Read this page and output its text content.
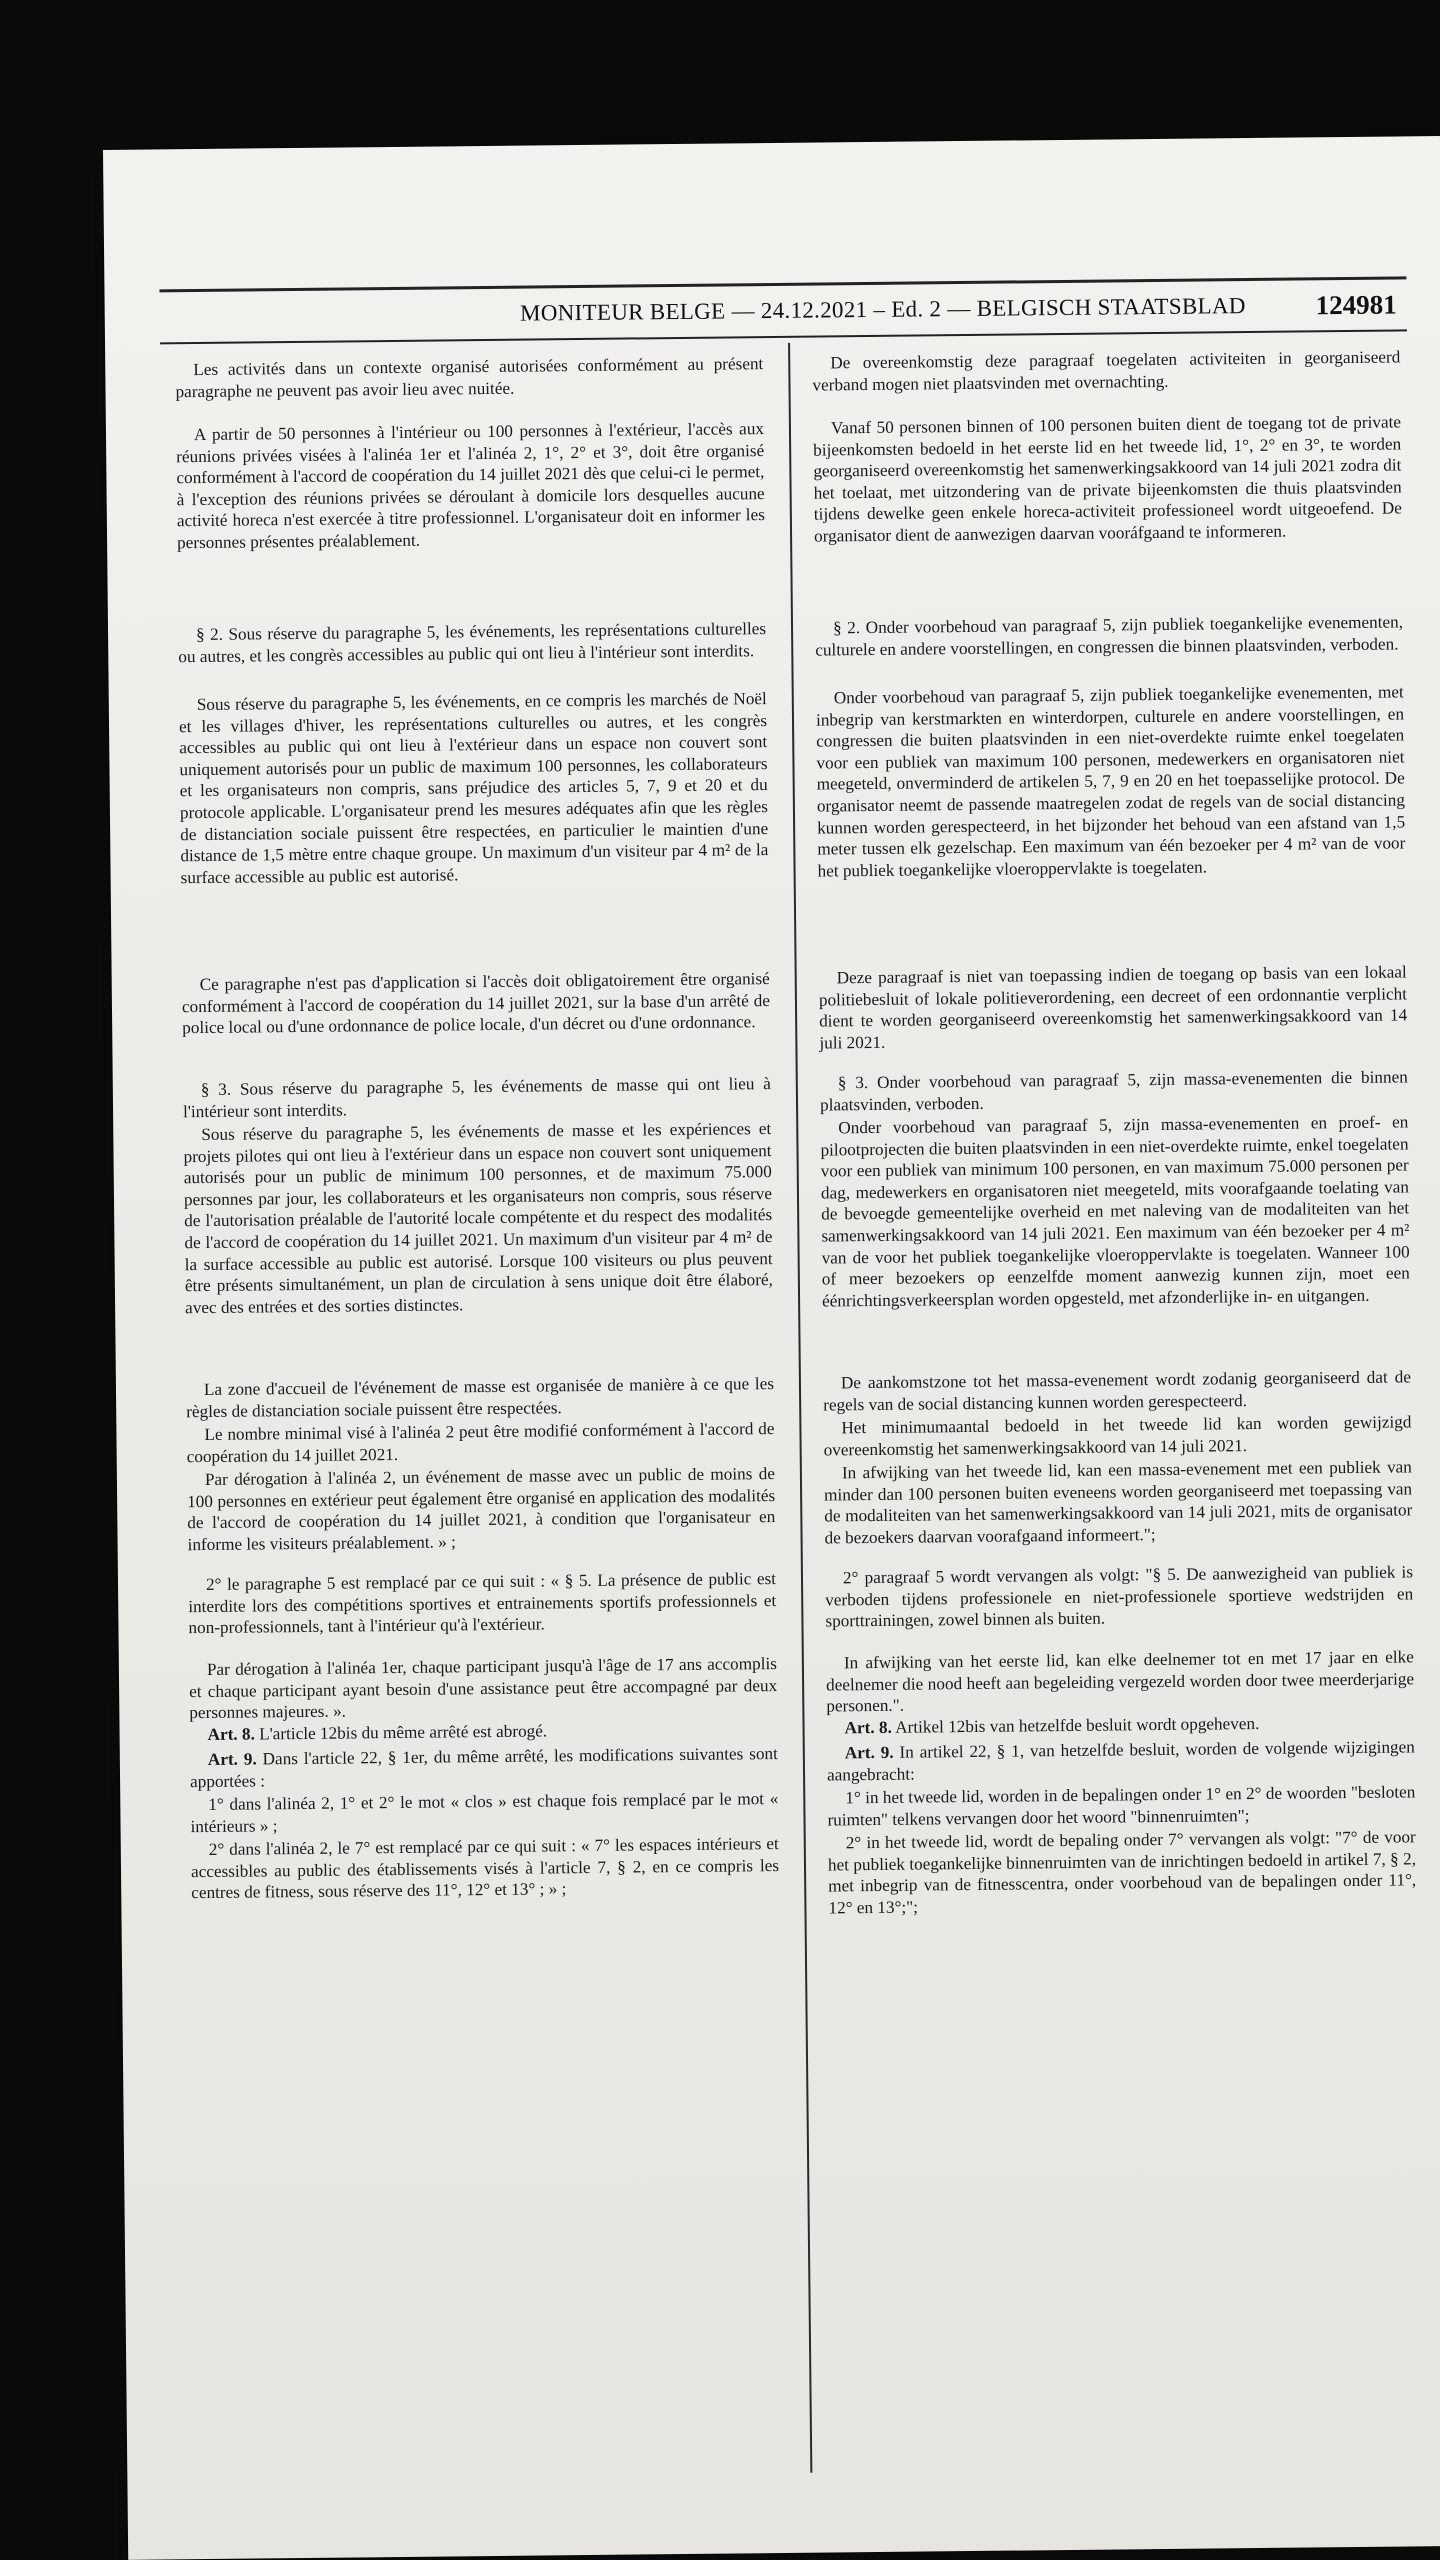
MONITEUR BELGE — 24.12.2021 – Ed. 2 — BELGISCH STAATSBLAD	124981

Les activités dans un contexte organisé autorisées conformément au présent paragraphe ne peuvent pas avoir lieu avec nuitée.

A partir de 50 personnes à l'intérieur ou 100 personnes à l'extérieur, l'accès aux réunions privées visées à l'alinéa 1er et l'alinéa 2, 1°, 2° et 3°, doit être organisé conformément à l'accord de coopération du 14 juillet 2021 dès que celui-ci le permet, à l'exception des réunions privées se déroulant à domicile lors desquelles aucune activité horeca n'est exercée à titre professionnel. L'organisateur doit en informer les personnes présentes préalablement.

§ 2. Sous réserve du paragraphe 5, les événements, les représentations culturelles ou autres, et les congrès accessibles au public qui ont lieu à l'intérieur sont interdits.

Sous réserve du paragraphe 5, les événements, en ce compris les marchés de Noël et les villages d'hiver, les représentations culturelles ou autres, et les congrès accessibles au public qui ont lieu à l'extérieur dans un espace non couvert sont uniquement autorisés pour un public de maximum 100 personnes, les collaborateurs et les organisateurs non compris, sans préjudice des articles 5, 7, 9 et 20 et du protocole applicable. L'organisateur prend les mesures adéquates afin que les règles de distanciation sociale puissent être respectées, en particulier le maintien d'une distance de 1,5 mètre entre chaque groupe. Un maximum d'un visiteur par 4 m² de la surface accessible au public est autorisé.

Ce paragraphe n'est pas d'application si l'accès doit obligatoirement être organisé conformément à l'accord de coopération du 14 juillet 2021, sur la base d'un arrêté de police local ou d'une ordonnance de police locale, d'un décret ou d'une ordonnance.

§ 3. Sous réserve du paragraphe 5, les événements de masse qui ont lieu à l'intérieur sont interdits.

Sous réserve du paragraphe 5, les événements de masse et les expériences et projets pilotes qui ont lieu à l'extérieur dans un espace non couvert sont uniquement autorisés pour un public de minimum 100 personnes, et de maximum 75.000 personnes par jour, les collaborateurs et les organisateurs non compris, sous réserve de l'autorisation préalable de l'autorité locale compétente et du respect des modalités de l'accord de coopération du 14 juillet 2021. Un maximum d'un visiteur par 4 m² de la surface accessible au public est autorisé. Lorsque 100 visiteurs ou plus peuvent être présents simultanément, un plan de circulation à sens unique doit être élaboré, avec des entrées et des sorties distinctes.

La zone d'accueil de l'événement de masse est organisée de manière à ce que les règles de distanciation sociale puissent être respectées.

Le nombre minimal visé à l'alinéa 2 peut être modifié conformément à l'accord de coopération du 14 juillet 2021.

Par dérogation à l'alinéa 2, un événement de masse avec un public de moins de 100 personnes en extérieur peut également être organisé en application des modalités de l'accord de coopération du 14 juillet 2021, à condition que l'organisateur en informe les visiteurs préalablement. » ;

2° le paragraphe 5 est remplacé par ce qui suit : « § 5. La présence de public est interdite lors des compétitions sportives et entrainements sportifs professionnels et non-professionnels, tant à l'intérieur qu'à l'extérieur.

Par dérogation à l'alinéa 1er, chaque participant jusqu'à l'âge de 17 ans accomplis et chaque participant ayant besoin d'une assistance peut être accompagné par deux personnes majeures. ».

Art. 8. L'article 12bis du même arrêté est abrogé.

Art. 9. Dans l'article 22, § 1er, du même arrêté, les modifications suivantes sont apportées :

1° dans l'alinéa 2, 1° et 2° le mot « clos » est chaque fois remplacé par le mot « intérieurs » ;

2° dans l'alinéa 2, le 7° est remplacé par ce qui suit : « 7° les espaces intérieurs et accessibles au public des établissements visés à l'article 7, § 2, en ce compris les centres de fitness, sous réserve des 11°, 12° et 13° ; » ;

De overeenkomstig deze paragraaf toegelaten activiteiten in georganiseerd verband mogen niet plaatsvinden met overnachting.

Vanaf 50 personen binnen of 100 personen buiten dient de toegang tot de private bijeenkomsten bedoeld in het eerste lid en het tweede lid, 1°, 2° en 3°, te worden georganiseerd overeenkomstig het samenwerkingsakkoord van 14 juli 2021 zodra dit het toelaat, met uitzondering van de private bijeenkomsten die thuis plaatsvinden tijdens dewelke geen enkele horeca-activiteit professioneel wordt uitgeoefend. De organisator dient de aanwezigen daarvan vooráfgaand te informeren.

§ 2. Onder voorbehoud van paragraaf 5, zijn publiek toegankelijke evenementen, culturele en andere voorstellingen, en congressen die binnen plaatsvinden, verboden.

Onder voorbehoud van paragraaf 5, zijn publiek toegankelijke evenementen, met inbegrip van kerstmarkten en winterdorpen, culturele en andere voorstellingen, en congressen die buiten plaatsvinden in een niet-overdekte ruimte enkel toegelaten voor een publiek van maximum 100 personen, medewerkers en organisatoren niet meegeteld, onverminderd de artikelen 5, 7, 9 en 20 en het toepasselijke protocol. De organisator neemt de passende maatregelen zodat de regels van de social distancing kunnen worden gerespecteerd, in het bijzonder het behoud van een afstand van 1,5 meter tussen elk gezelschap. Een maximum van één bezoeker per 4 m² van de voor het publiek toegankelijke vloeroppervlakte is toegelaten.

Deze paragraaf is niet van toepassing indien de toegang op basis van een lokaal politiebesluit of lokale politieverordening, een decreet of een ordonnantie verplicht dient te worden georganiseerd overeenkomstig het samenwerkingsakkoord van 14 juli 2021.

§ 3. Onder voorbehoud van paragraaf 5, zijn massa-evenementen die binnen plaatsvinden, verboden.

Onder voorbehoud van paragraaf 5, zijn massa-evenementen en proef- en pilootprojecten die buiten plaatsvinden in een niet-overdekte ruimte, enkel toegelaten voor een publiek van minimum 100 personen, en van maximum 75.000 personen per dag, medewerkers en organisatoren niet meegeteld, mits voorafgaande toelating van de bevoegde gemeentelijke overheid en met naleving van de modaliteiten van het samenwerkingsakkoord van 14 juli 2021. Een maximum van één bezoeker per 4 m² van de voor het publiek toegankelijke vloeroppervlakte is toegelaten. Wanneer 100 of meer bezoekers op eenzelfde moment aanwezig kunnen zijn, moet een éénrichtingsverkeersplan worden opgesteld, met afzonderlijke in- en uitgangen.

De aankomstzone tot het massa-evenement wordt zodanig georganiseerd dat de regels van de social distancing kunnen worden gerespecteerd.

Het minimumaantal bedoeld in het tweede lid kan worden gewijzigd overeenkomstig het samenwerkingsakkoord van 14 juli 2021.

In afwijking van het tweede lid, kan een massa-evenement met een publiek van minder dan 100 personen buiten eveneens worden georganiseerd met toepassing van de modaliteiten van het samenwerkingsakkoord van 14 juli 2021, mits de organisator de bezoekers daarvan voorafgaand informeert.";

2° paragraaf 5 wordt vervangen als volgt: "§ 5. De aanwezigheid van publiek is verboden tijdens professionele en niet-professionele sportieve wedstrijden en sporttrainingen, zowel binnen als buiten.

In afwijking van het eerste lid, kan elke deelnemer tot en met 17 jaar en elke deelnemer die nood heeft aan begeleiding vergezeld worden door twee meerderjarige personen.".

Art. 8. Artikel 12bis van hetzelfde besluit wordt opgeheven.

Art. 9. In artikel 22, § 1, van hetzelfde besluit, worden de volgende wijzigingen aangebracht:

1° in het tweede lid, worden in de bepalingen onder 1° en 2° de woorden "besloten ruimten" telkens vervangen door het woord "binnenruimten";

2° in het tweede lid, wordt de bepaling onder 7° vervangen als volgt: "7° de voor het publiek toegankelijke binnenruimten van de inrichtingen bedoeld in artikel 7, § 2, met inbegrip van de fitnesscentra, onder voorbehoud van de bepalingen onder 11°, 12° en 13°;";
